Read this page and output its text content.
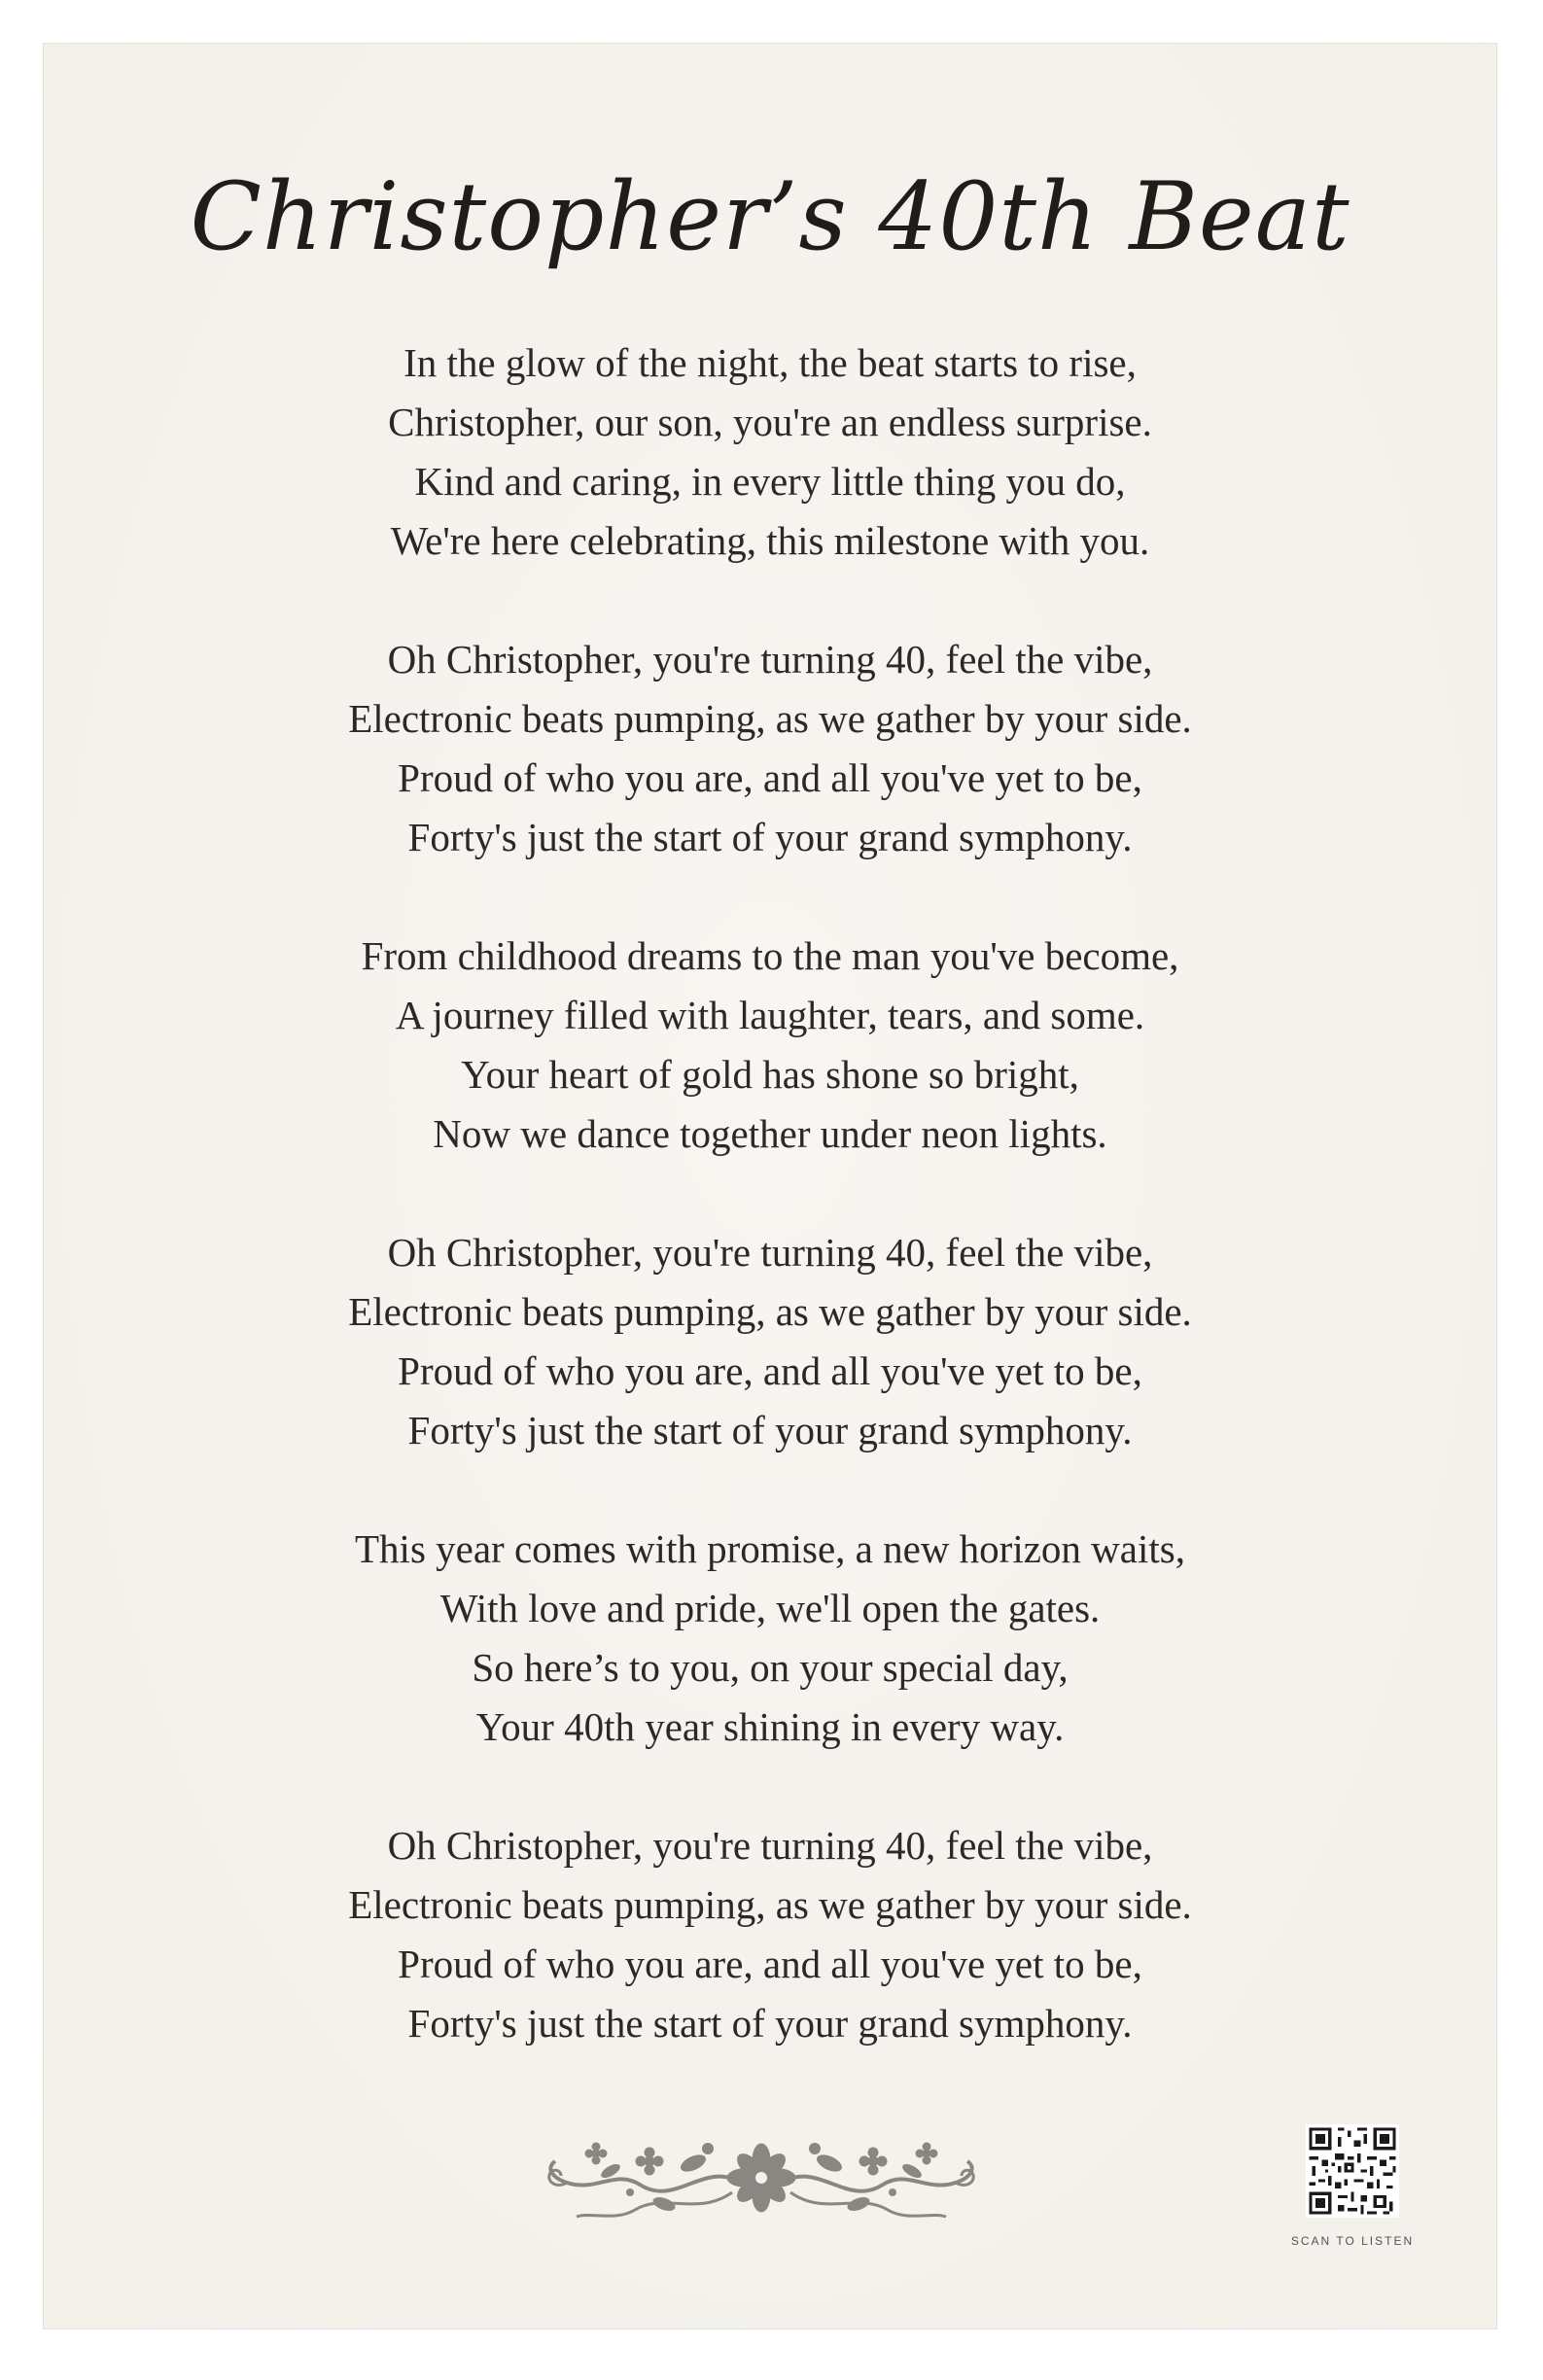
Christopher’s 40th Beat
In the glow of the night, the beat starts to rise,
Christopher, our son, you're an endless surprise.
Kind and caring, in every little thing you do,
We're here celebrating, this milestone with you.
Oh Christopher, you're turning 40, feel the vibe,
Electronic beats pumping, as we gather by your side.
Proud of who you are, and all you've yet to be,
Forty's just the start of your grand symphony.
From childhood dreams to the man you've become,
A journey filled with laughter, tears, and some.
Your heart of gold has shone so bright,
Now we dance together under neon lights.
Oh Christopher, you're turning 40, feel the vibe,
Electronic beats pumping, as we gather by your side.
Proud of who you are, and all you've yet to be,
Forty's just the start of your grand symphony.
This year comes with promise, a new horizon waits,
With love and pride, we'll open the gates.
So here’s to you, on your special day,
Your 40th year shining in every way.
Oh Christopher, you're turning 40, feel the vibe,
Electronic beats pumping, as we gather by your side.
Proud of who you are, and all you've yet to be,
Forty's just the start of your grand symphony.
SCAN TO LISTEN
